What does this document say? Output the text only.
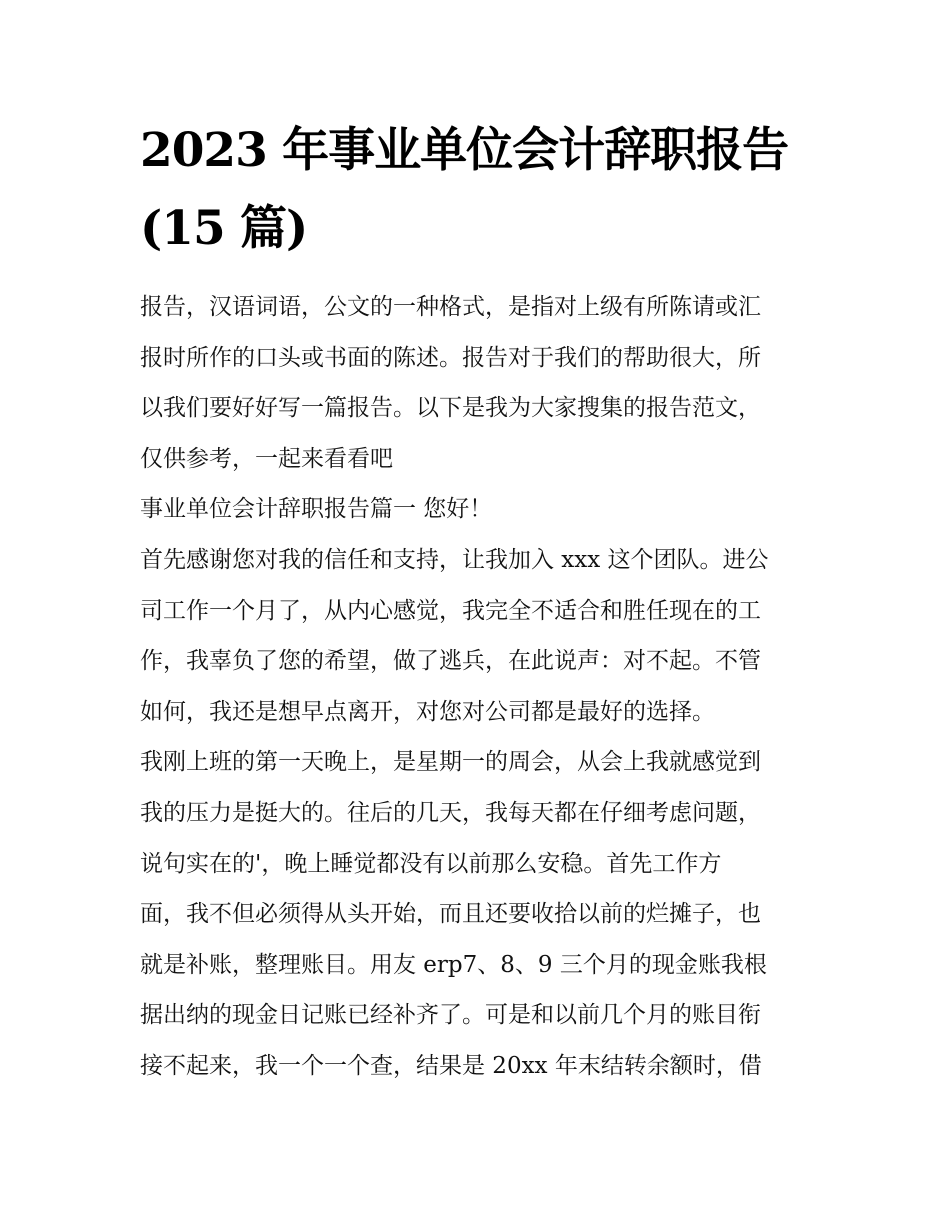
2023 年事业单位会计辞职报告
(15 篇)
报告，汉语词语，公文的一种格式，是指对上级有所陈请或汇
报时所作的口头或书面的陈述。报告对于我们的帮助很大，所
以我们要好好写一篇报告。以下是我为大家搜集的报告范文，
仅供参考，一起来看看吧
事业单位会计辞职报告篇一 您好！
首先感谢您对我的信任和支持，让我加入 xxx 这个团队。进公
司工作一个月了，从内心感觉，我完全不适合和胜任现在的工
作，我辜负了您的希望，做了逃兵，在此说声：对不起。不管
如何，我还是想早点离开，对您对公司都是最好的选择。
我刚上班的第一天晚上，是星期一的周会，从会上我就感觉到
我的压力是挺大的。往后的几天，我每天都在仔细考虑问题，
说句实在的'，晚上睡觉都没有以前那么安稳。首先工作方
面，我不但必须得从头开始，而且还要收拾以前的烂摊子，也
就是补账，整理账目。用友 erp7、8、9 三个月的现金账我根
据出纳的现金日记账已经补齐了。可是和以前几个月的账目衔
接不起来，我一个一个查，结果是 20xx 年末结转余额时，借
